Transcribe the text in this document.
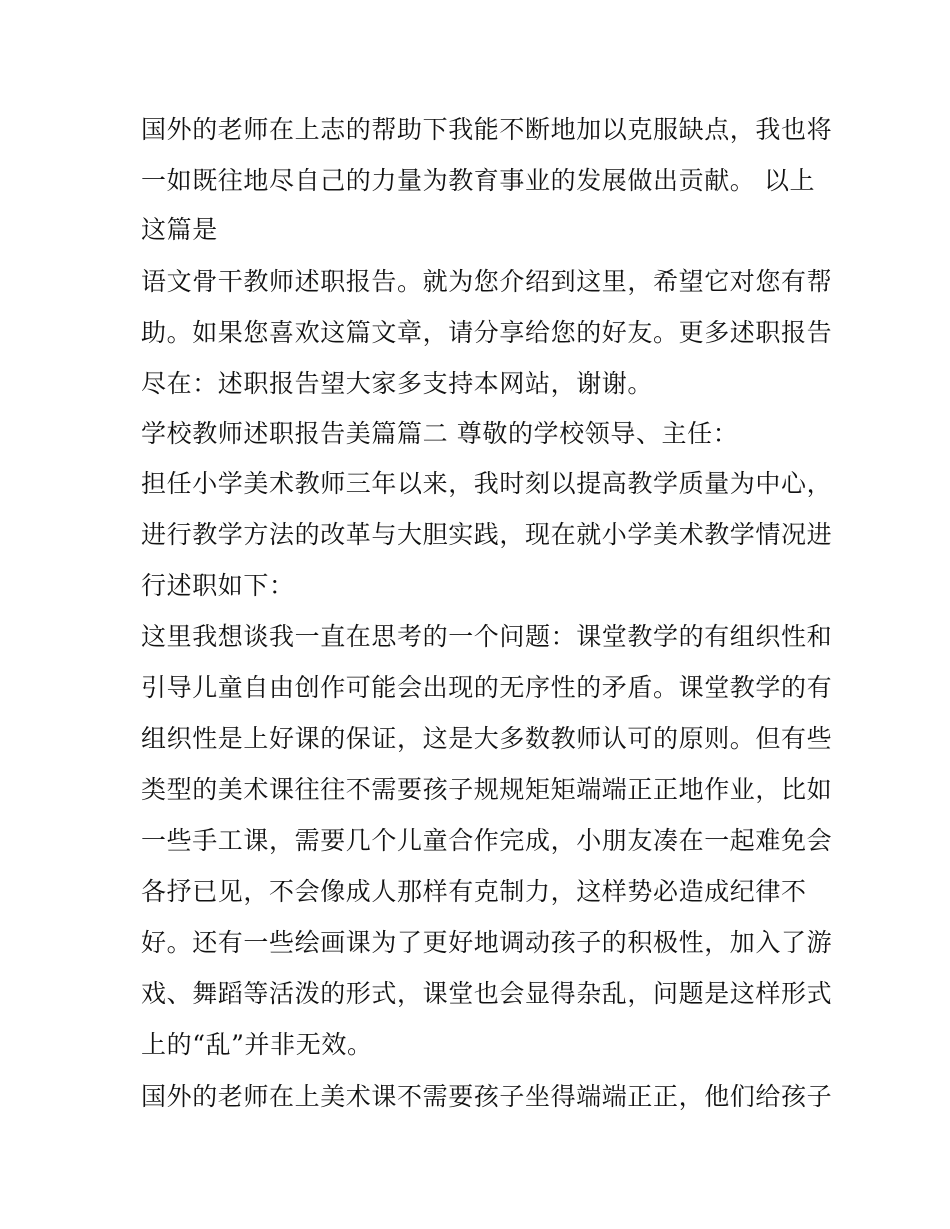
国外的老师在上志的帮助下我能不断地加以克服缺点，我也将
一如既往地尽自己的力量为教育事业的发展做出贡献。 以上
这篇是
语文骨干教师述职报告。就为您介绍到这里，希望它对您有帮
助。如果您喜欢这篇文章，请分享给您的好友。更多述职报告
尽在：述职报告望大家多支持本网站，谢谢。
学校教师述职报告美篇篇二 尊敬的学校领导、主任：
担任小学美术教师三年以来，我时刻以提高教学质量为中心，
进行教学方法的改革与大胆实践，现在就小学美术教学情况进
行述职如下：
这里我想谈我一直在思考的一个问题：课堂教学的有组织性和
引导儿童自由创作可能会出现的无序性的矛盾。课堂教学的有
组织性是上好课的保证，这是大多数教师认可的原则。但有些
类型的美术课往往不需要孩子规规矩矩端端正正地作业，比如
一些手工课，需要几个儿童合作完成，小朋友凑在一起难免会
各抒已见，不会像成人那样有克制力，这样势必造成纪律不
好。还有一些绘画课为了更好地调动孩子的积极性，加入了游
戏、舞蹈等活泼的形式，课堂也会显得杂乱，问题是这样形式
上的“乱”并非无效。
国外的老师在上美术课不需要孩子坐得端端正正，他们给孩子
